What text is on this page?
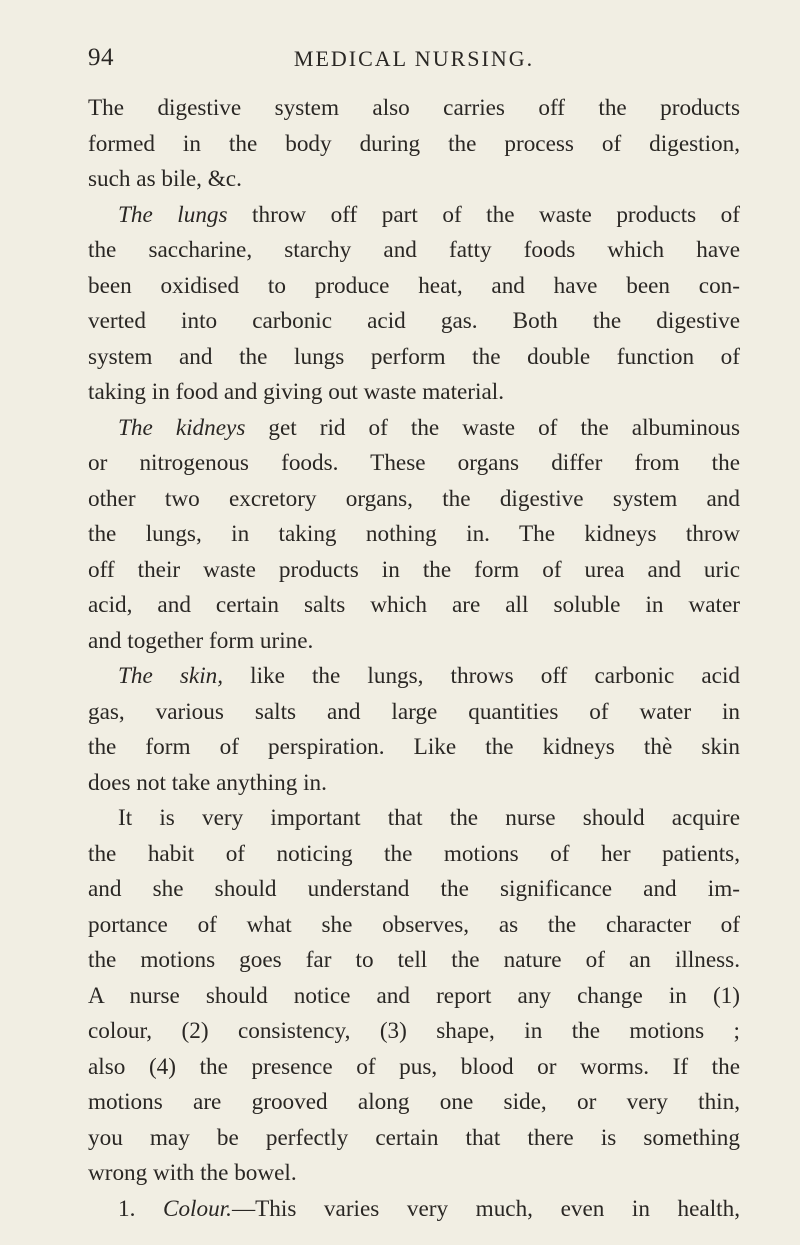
94	MEDICAL NURSING.
The digestive system also carries off the products
formed in the body during the process of digestion,
such as bile, &c.
The lungs throw off part of the waste products of
the saccharine, starchy and fatty foods which have
been oxidised to produce heat, and have been con-
verted into carbonic acid gas. Both the digestive
system and the lungs perform the double function of
taking in food and giving out waste material.
The kidneys get rid of the waste of the albuminous
or nitrogenous foods. These organs differ from the
other two excretory organs, the digestive system and
the lungs, in taking nothing in. The kidneys throw
off their waste products in the form of urea and uric
acid, and certain salts which are all soluble in water
and together form urine.
The skin, like the lungs, throws off carbonic acid
gas, various salts and large quantities of water in
the form of perspiration. Like the kidneys thè skin
does not take anything in.
It is very important that the nurse should acquire
the habit of noticing the motions of her patients,
and she should understand the significance and im-
portance of what she observes, as the character of
the motions goes far to tell the nature of an illness.
A nurse should notice and report any change in (1)
colour, (2) consistency, (3) shape, in the motions ;
also (4) the presence of pus, blood or worms. If the
motions are grooved along one side, or very thin,
you may be perfectly certain that there is something
wrong with the bowel.
1. Colour.—This varies very much, even in health,
